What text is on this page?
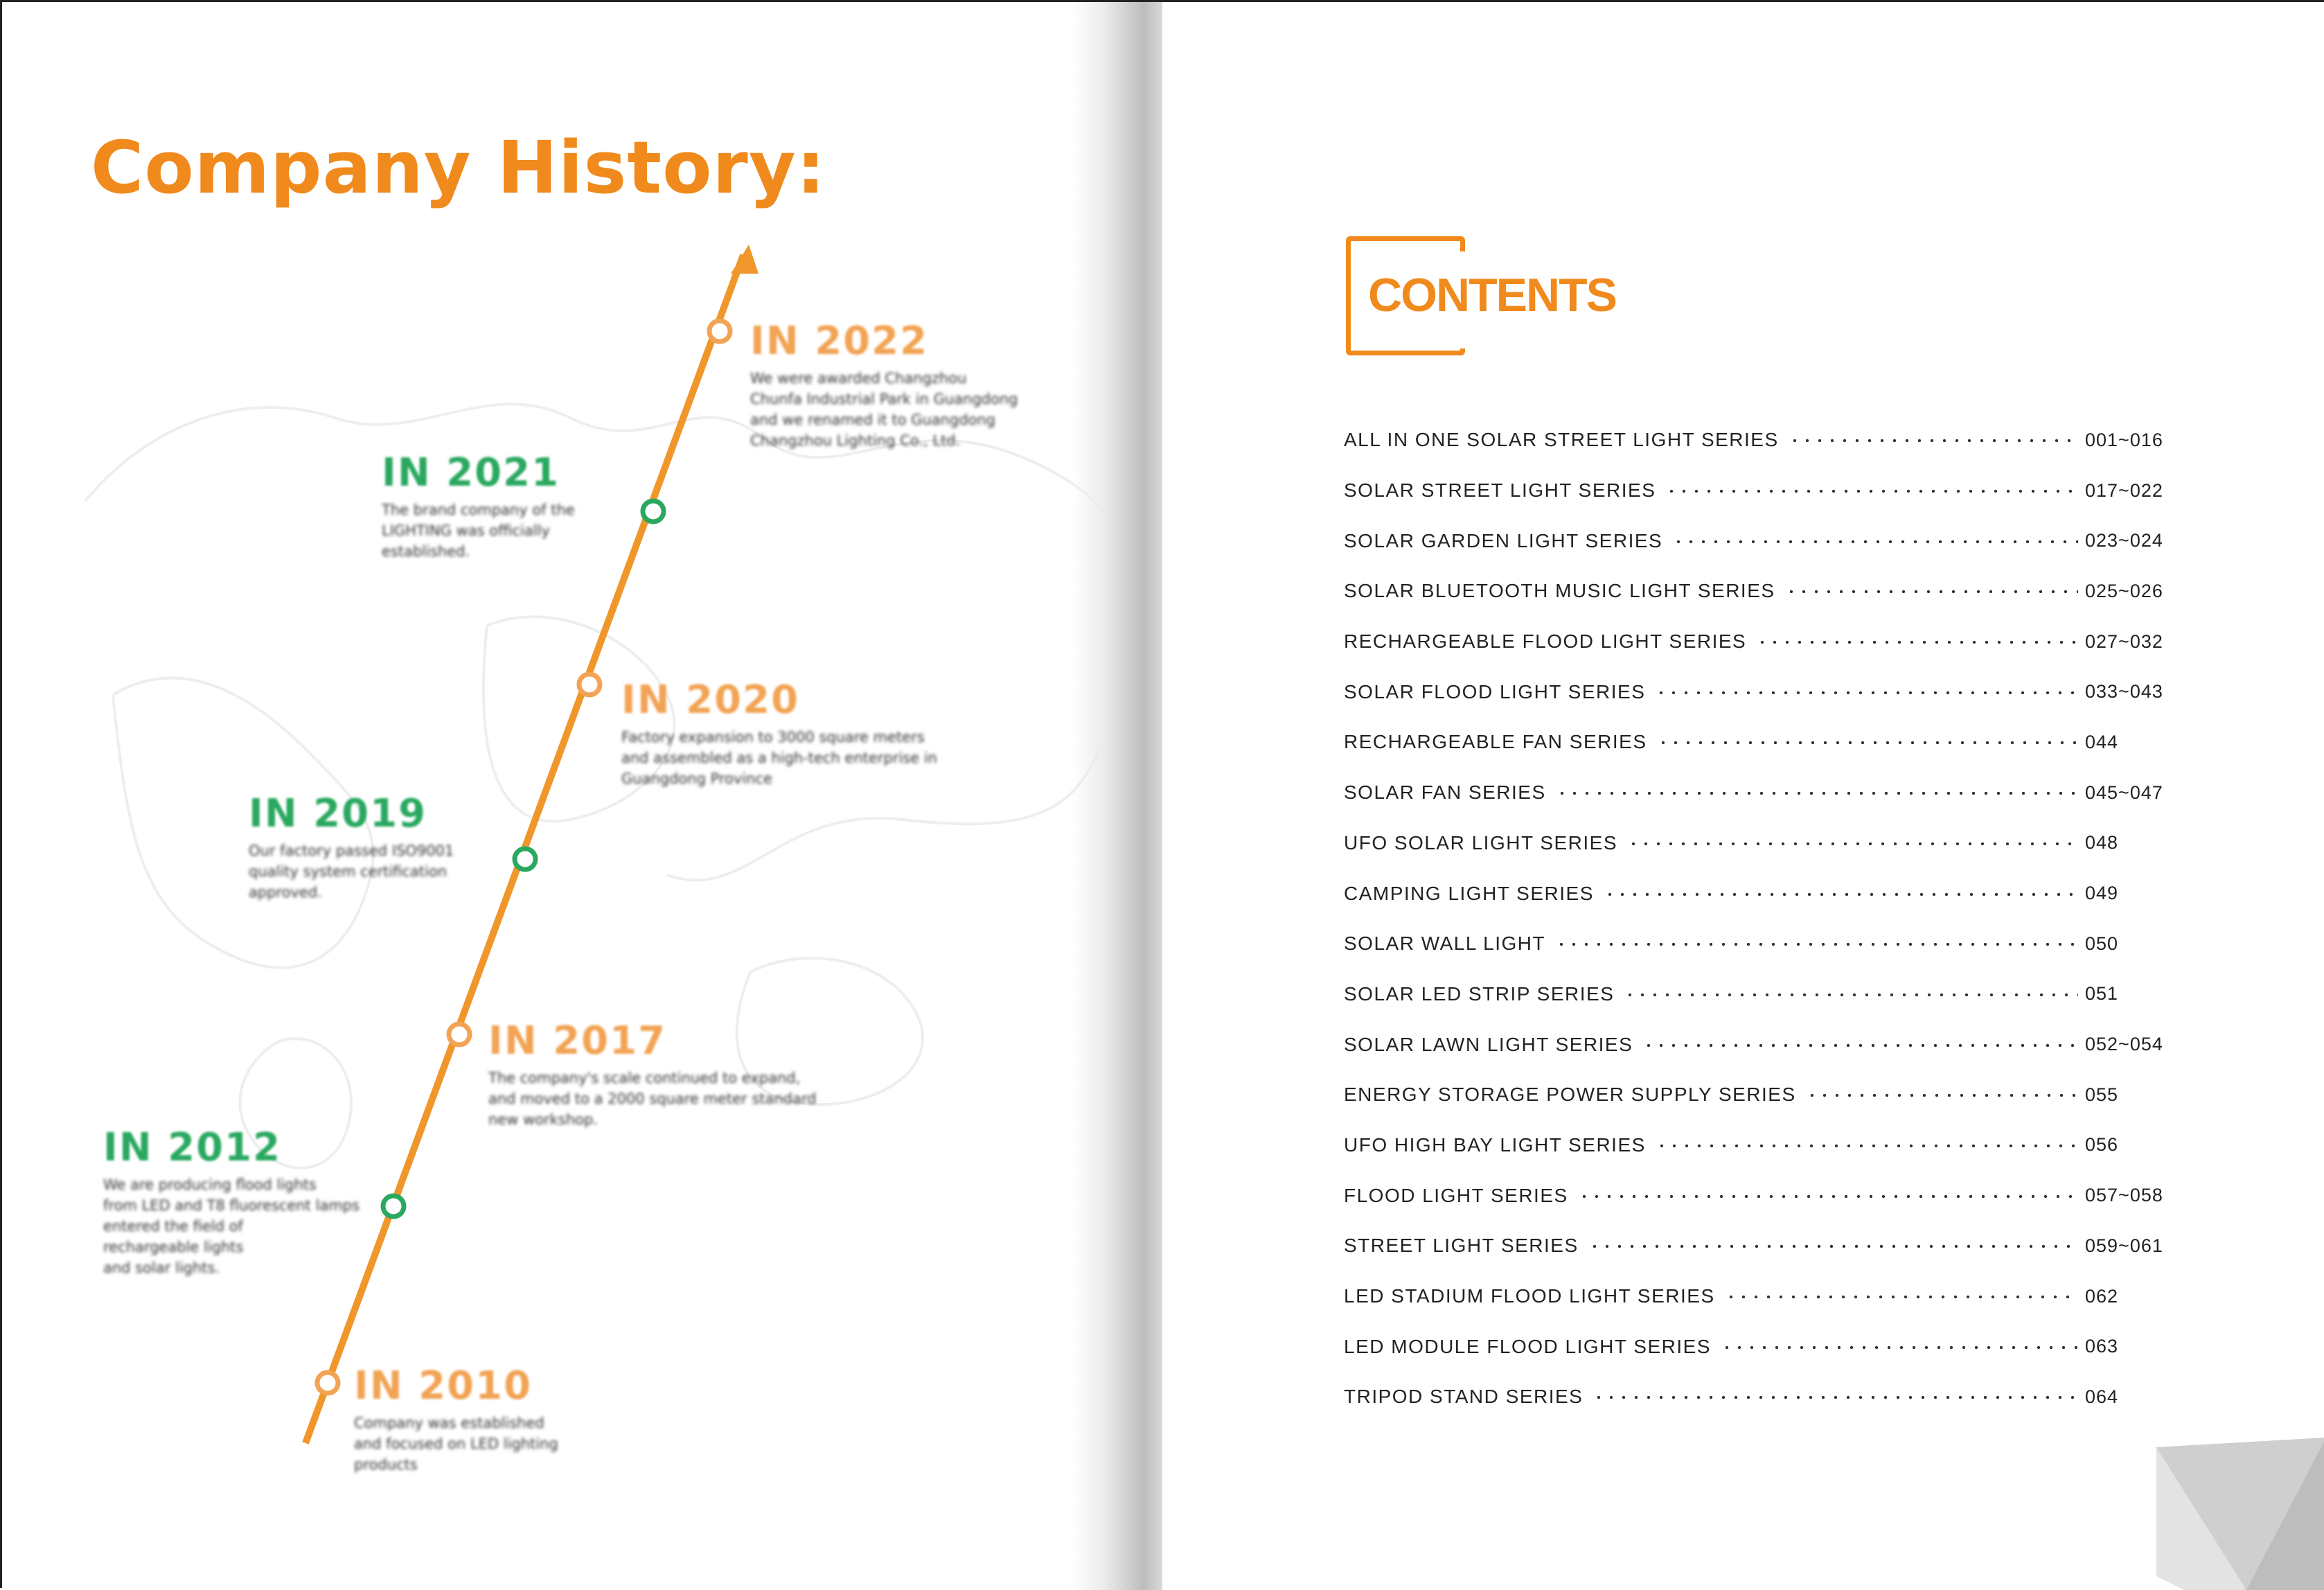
Company History:
IN 2022
We were awarded Changzhou
Chunfa Industrial Park in Guangdong
and we renamed it to Guangdong
Changzhou Lighting Co., Ltd.
IN 2021
The brand company of the
LIGHTING was officially
established.
IN 2020
Factory expansion to 3000 square meters
and assembled as a high-tech enterprise in
Guangdong Province
IN 2019
Our factory passed ISO9001
quality system certification
approved.
IN 2017
The company's scale continued to expand,
and moved to a 2000 square meter standard
new workshop.
IN 2012
We are producing flood lights
from LED and T8 fluorescent lamps
entered the field of
rechargeable lights
and solar lights.
IN 2010
Company was established
and focused on LED lighting
products
CONTENTS
ALL IN ONE SOLAR STREET LIGHT SERIES	001~016
SOLAR STREET LIGHT SERIES	017~022
SOLAR GARDEN LIGHT SERIES	023~024
SOLAR BLUETOOTH MUSIC LIGHT SERIES	025~026
RECHARGEABLE FLOOD LIGHT SERIES	027~032
SOLAR FLOOD LIGHT SERIES	033~043
RECHARGEABLE FAN SERIES	044
SOLAR FAN SERIES	045~047
UFO SOLAR LIGHT SERIES	048
CAMPING LIGHT SERIES	049
SOLAR WALL LIGHT	050
SOLAR LED STRIP SERIES	051
SOLAR LAWN LIGHT SERIES	052~054
ENERGY STORAGE POWER SUPPLY SERIES	055
UFO HIGH BAY LIGHT SERIES	056
FLOOD LIGHT SERIES	057~058
STREET LIGHT SERIES	059~061
LED STADIUM FLOOD LIGHT SERIES	062
LED MODULE FLOOD LIGHT SERIES	063
TRIPOD STAND SERIES	064
